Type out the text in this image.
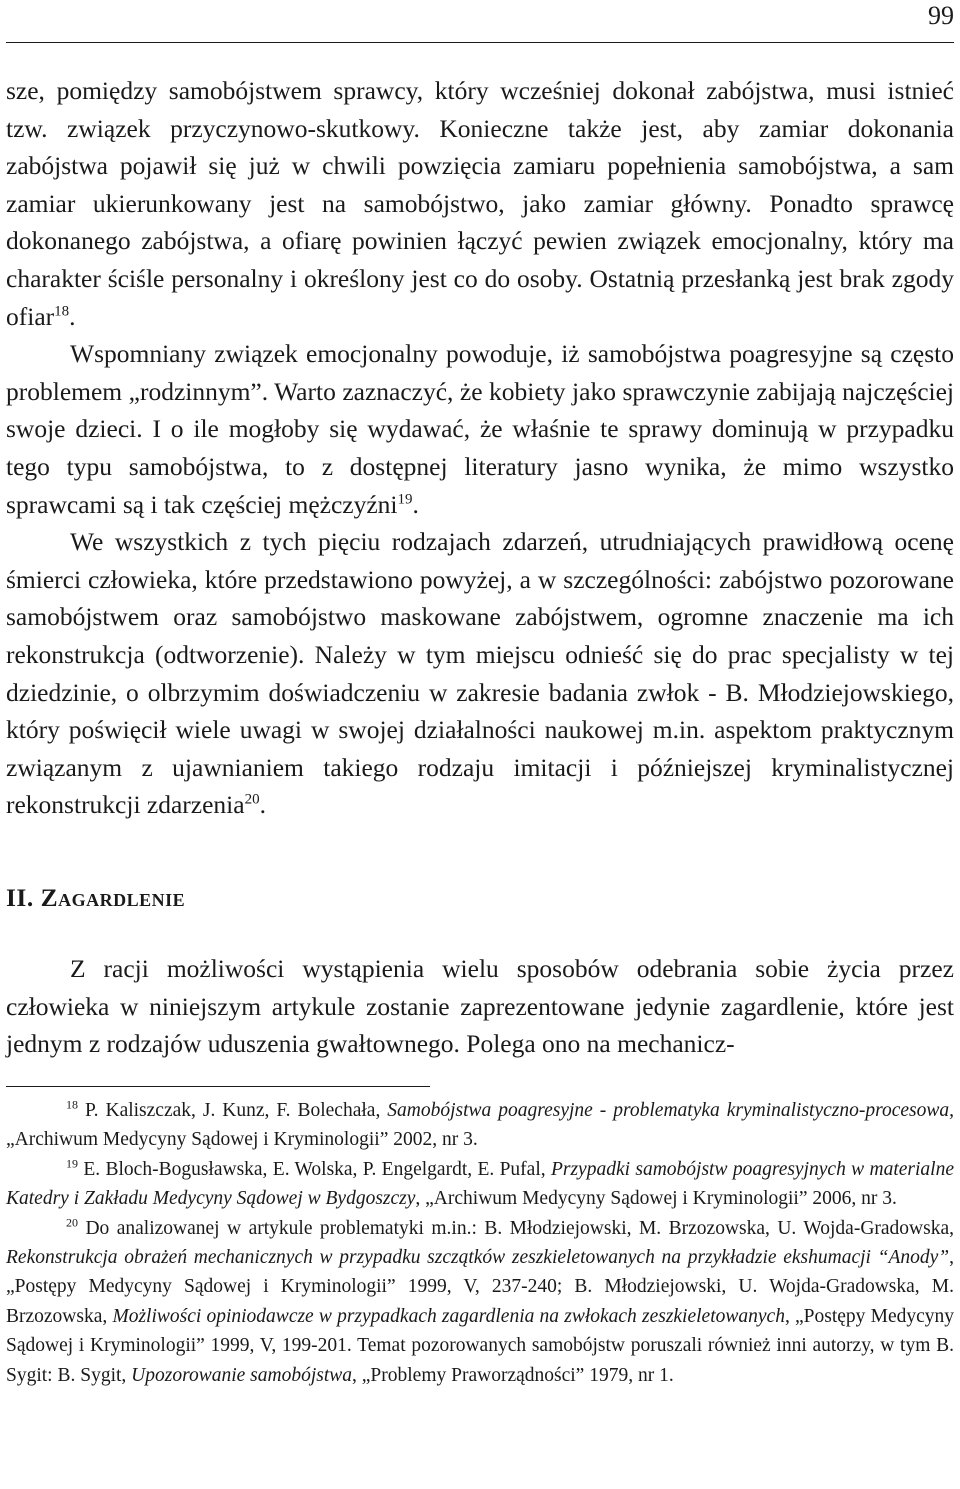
99

sze, pomiędzy samobójstwem sprawcy, który wcześniej dokonał zabójstwa, musi istnieć tzw. związek przyczynowo-skutkowy. Konieczne także jest, aby zamiar dokonania zabójstwa pojawił się już w chwili powzięcia zamiaru popełnienia samobójstwa, a sam zamiar ukierunkowany jest na samobójstwo, jako zamiar główny. Ponadto sprawcę dokonanego zabójstwa, a ofiarę powinien łączyć pewien związek emocjonalny, który ma charakter ściśle personalny i określony jest co do osoby. Ostatnią przesłanką jest brak zgody ofiar$^{18}$.

Wspomniany związek emocjonalny powoduje, iż samobójstwa poagresyjne są często problemem „rodzinnym”. Warto zaznaczyć, że kobiety jako sprawczynie zabijają najczęściej swoje dzieci. I o ile mogłoby się wydawać, że właśnie te sprawy dominują w przypadku tego typu samobójstwa, to z dostępnej literatury jasno wynika, że mimo wszystko sprawcami są i tak częściej mężczyźni$^{19}$.

We wszystkich z tych pięciu rodzajach zdarzeń, utrudniających prawidłową ocenę śmierci człowieka, które przedstawiono powyżej, a w szczególności: zabójstwo pozorowane samobójstwem oraz samobójstwo maskowane zabójstwem, ogromne znaczenie ma ich rekonstrukcja (odtworzenie). Należy w tym miejscu odnieść się do prac specjalisty w tej dziedzinie, o olbrzymim doświadczeniu w zakresie badania zwłok - B. Młodziejowskiego, który poświęcił wiele uwagi w swojej działalności naukowej m.in. aspektom praktycznym związanym z ujawnianiem takiego rodzaju imitacji i późniejszej kryminalistycznej rekonstrukcji zdarzenia$^{20}$.

II. Zagardlenie
Z racji możliwości wystąpienia wielu sposobów odebrania sobie życia przez człowieka w niniejszym artykule zostanie zaprezentowane jedynie zagardlenie, które jest jednym z rodzajów uduszenia gwałtownego. Polega ono na mechanicz-

$^{18}$ P. Kaliszczak, J. Kunz, F. Bolechała, Samobójstwa poagresyjne - problematyka kryminalistyczno-procesowa, „Archiwum Medycyny Sądowej i Kryminologii” 2002, nr 3.

$^{19}$ E. Bloch-Bogusławska, E. Wolska, P. Engelgardt, E. Pufal, Przypadki samobójstw poagresyjnych w materialne Katedry i Zakładu Medycyny Sądowej w Bydgoszczy, „Archiwum Medycyny Sądowej i Kryminologii” 2006, nr 3.

$^{20}$ Do analizowanej w artykule problematyki m.in.: B. Młodziejowski, M. Brzozowska, U. Wojda-Gradowska, Rekonstrukcja obrażeń mechanicznych w przypadku szczątków zeszkieletowanych na przykładzie ekshumacji “Anody”, „Postępy Medycyny Sądowej i Kryminologii” 1999, V, 237-240; B. Młodziejowski, U. Wojda-Gradowska, M. Brzozowska, Możliwości opiniodawcze w przypadkach zagardlenia na zwłokach zeszkieletowanych, „Postępy Medycyny Sądowej i Kryminologii” 1999, V, 199-201. Temat pozorowanych samobójstw poruszali również inni autorzy, w tym B. Sygit: B. Sygit, Upozorowanie samobójstwa, „Problemy Praworządności” 1979, nr 1.
